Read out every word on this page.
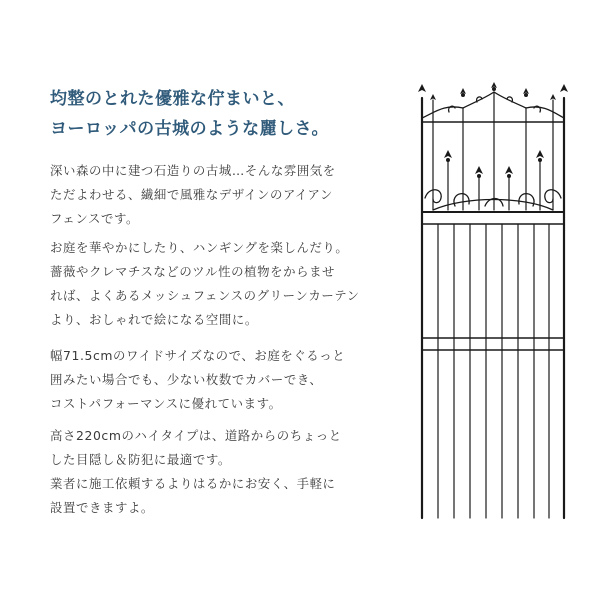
均整のとれた優雅な佇まいと、
ヨーロッパの古城のような麗しさ。
深い森の中に建つ石造りの古城…そんな雰囲気を
ただよわせる、繊細で風雅なデザインのアイアン
フェンスです。
お庭を華やかにしたり、ハンギングを楽しんだり。
薔薇やクレマチスなどのツル性の植物をからませ
れば、よくあるメッシュフェンスのグリーンカーテン
より、おしゃれで絵になる空間に。
幅71.5cmのワイドサイズなので、お庭をぐるっと
囲みたい場合でも、少ない枚数でカバーでき、
コストパフォーマンスに優れています。
高さ220cmのハイタイプは、道路からのちょっと
した目隠し＆防犯に最適です。
業者に施工依頼するよりはるかにお安く、手軽に
設置できますよ。
